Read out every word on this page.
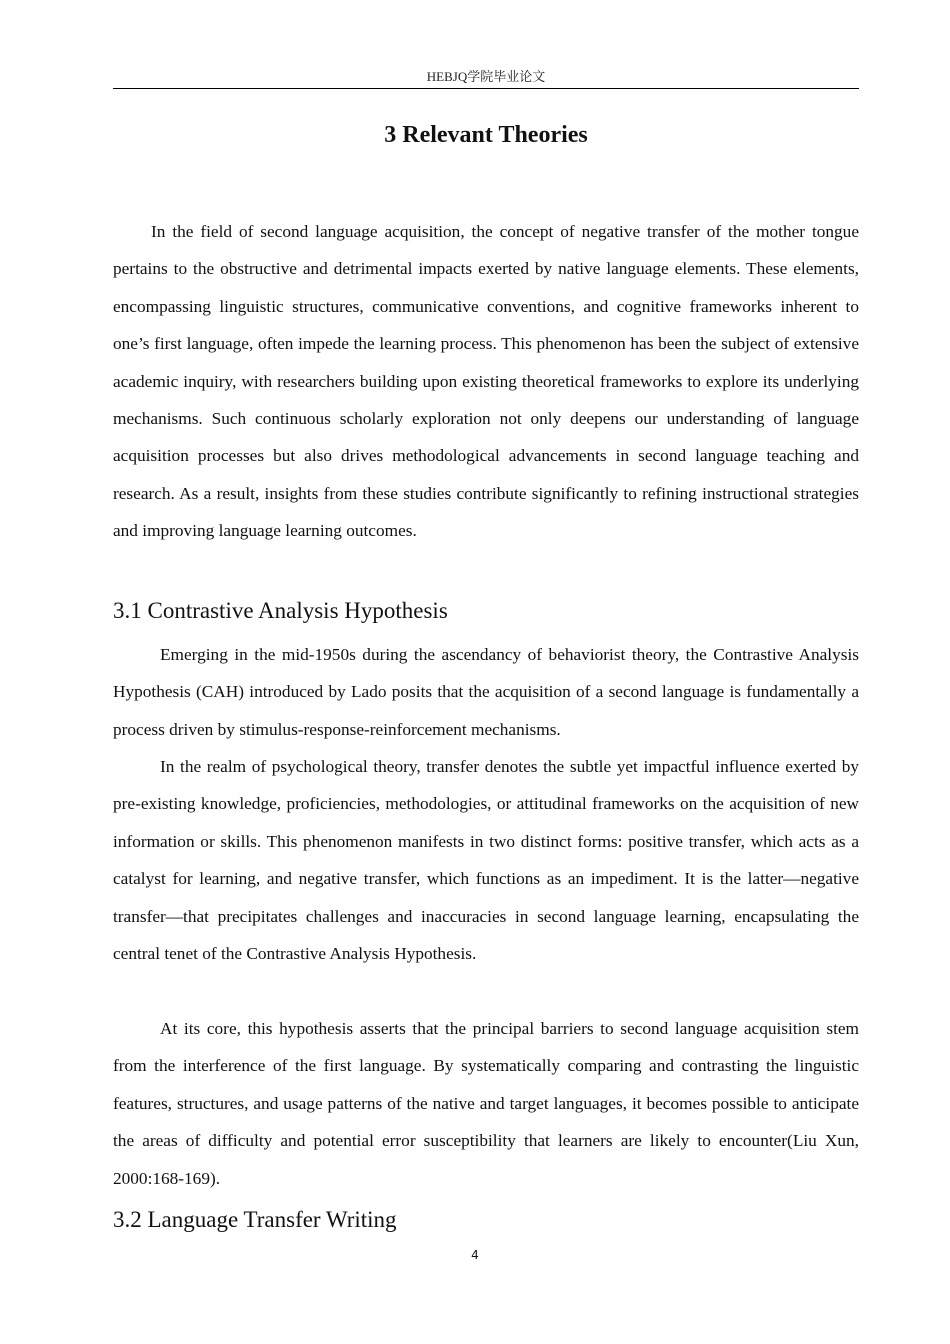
HEBJQ学院毕业论文
3 Relevant Theories

In the field of second language acquisition, the concept of negative transfer of the mother tongue pertains to the obstructive and detrimental impacts exerted by native language elements. These elements, encompassing linguistic structures, communicative conventions, and cognitive frameworks inherent to one’s first language, often impede the learning process. This phenomenon has been the subject of extensive academic inquiry, with researchers building upon existing theoretical frameworks to explore its underlying mechanisms. Such continuous scholarly exploration not only deepens our understanding of language acquisition processes but also drives methodological advancements in second language teaching and research. As a result, insights from these studies contribute significantly to refining instructional strategies and improving language learning outcomes.

3.1 Contrastive Analysis Hypothesis

Emerging in the mid-1950s during the ascendancy of behaviorist theory, the Contrastive Analysis Hypothesis (CAH) introduced by Lado posits that the acquisition of a second language is fundamentally a process driven by stimulus-response-reinforcement mechanisms.

In the realm of psychological theory, transfer denotes the subtle yet impactful influence exerted by pre-existing knowledge, proficiencies, methodologies, or attitudinal frameworks on the acquisition of new information or skills. This phenomenon manifests in two distinct forms: positive transfer, which acts as a catalyst for learning, and negative transfer, which functions as an impediment. It is the latter—negative transfer—that precipitates challenges and inaccuracies in second language learning, encapsulating the central tenet of the Contrastive Analysis Hypothesis.

At its core, this hypothesis asserts that the principal barriers to second language acquisition stem from the interference of the first language. By systematically comparing and contrasting the linguistic features, structures, and usage patterns of the native and target languages, it becomes possible to anticipate the areas of difficulty and potential error susceptibility that learners are likely to encounter(Liu Xun, 2000:168-169).

3.2 Language Transfer Writing
4
